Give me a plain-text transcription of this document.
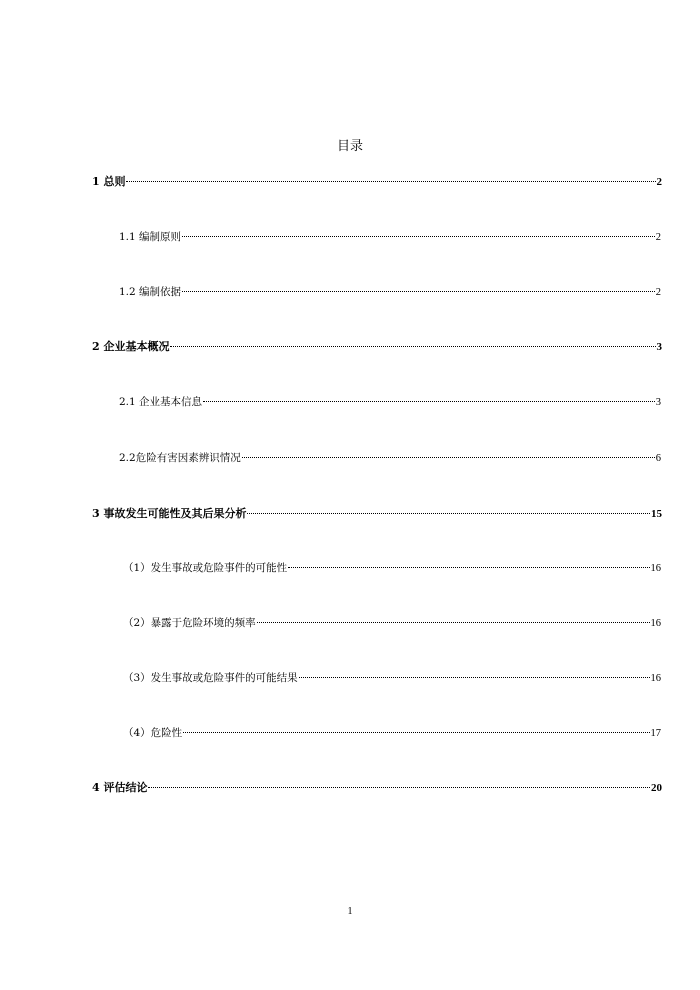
目录
1 总则	2
1.1 编制原则	2
1.2 编制依据	2
2 企业基本概况	3
2.1 企业基本信息	3
2.2危险有害因素辨识情况	6
3 事故发生可能性及其后果分析	15
（1）发生事故或危险事件的可能性	16
（2）暴露于危险环境的频率	16
（3）发生事故或危险事件的可能结果	16
（4）危险性	17
4 评估结论	20
1
